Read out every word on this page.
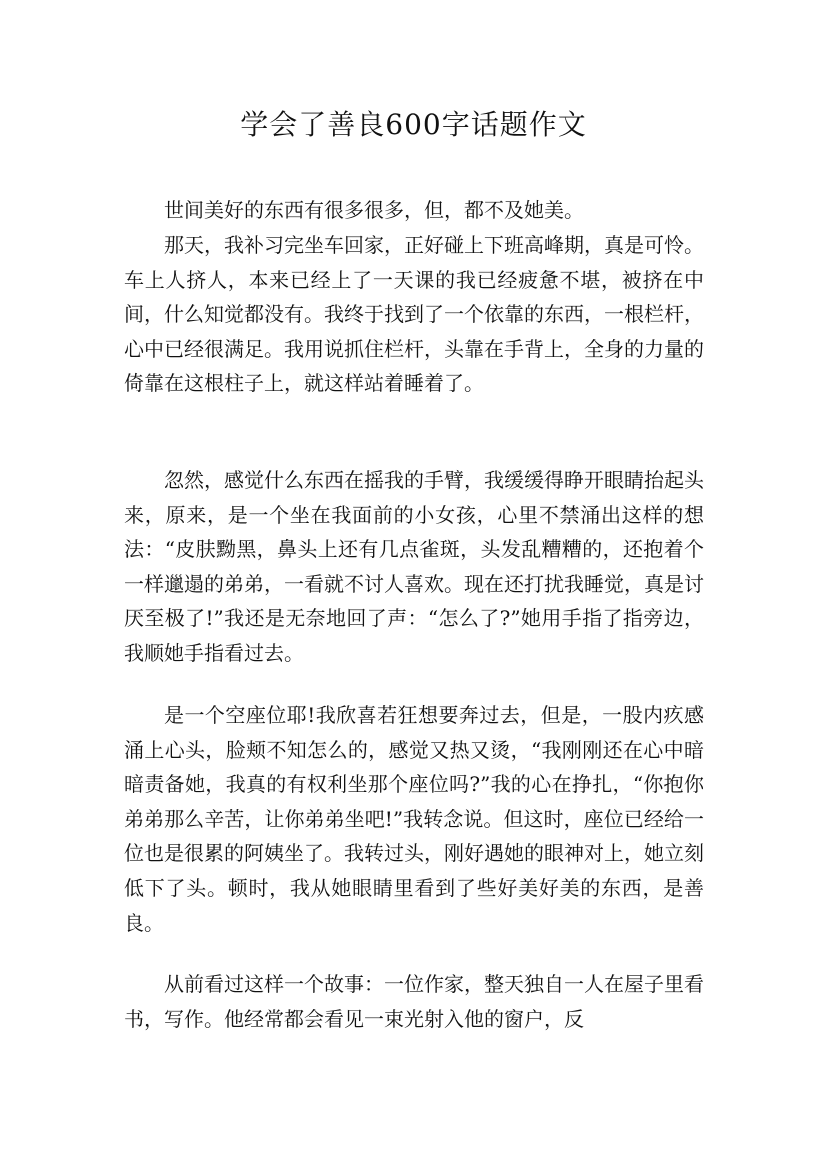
学会了善良600字话题作文

世间美好的东西有很多很多，但，都不及她美。

那天，我补习完坐车回家，正好碰上下班高峰期，真是可怜。车上人挤人，本来已经上了一天课的我已经疲惫不堪，被挤在中间，什么知觉都没有。我终于找到了一个依靠的东西，一根栏杆，心中已经很满足。我用说抓住栏杆，头靠在手背上，全身的力量的倚靠在这根柱子上，就这样站着睡着了。

忽然，感觉什么东西在摇我的手臂，我缓缓得睁开眼睛抬起头来，原来，是一个坐在我面前的小女孩，心里不禁涌出这样的想法：“皮肤黝黑，鼻头上还有几点雀斑，头发乱糟糟的，还抱着个一样邋遢的弟弟，一看就不讨人喜欢。现在还打扰我睡觉，真是讨厌至极了!”我还是无奈地回了声：“怎么了?”她用手指了指旁边，我顺她手指看过去。

是一个空座位耶!我欣喜若狂想要奔过去，但是，一股内疚感涌上心头，脸颊不知怎么的，感觉又热又烫，“我刚刚还在心中暗暗责备她，我真的有权利坐那个座位吗?”我的心在挣扎，“你抱你弟弟那么辛苦，让你弟弟坐吧!”我转念说。但这时，座位已经给一位也是很累的阿姨坐了。我转过头，刚好遇她的眼神对上，她立刻低下了头。顿时，我从她眼睛里看到了些好美好美的东西，是善良。

从前看过这样一个故事：一位作家，整天独自一人在屋子里看书，写作。他经常都会看见一束光射入他的窗户，反
